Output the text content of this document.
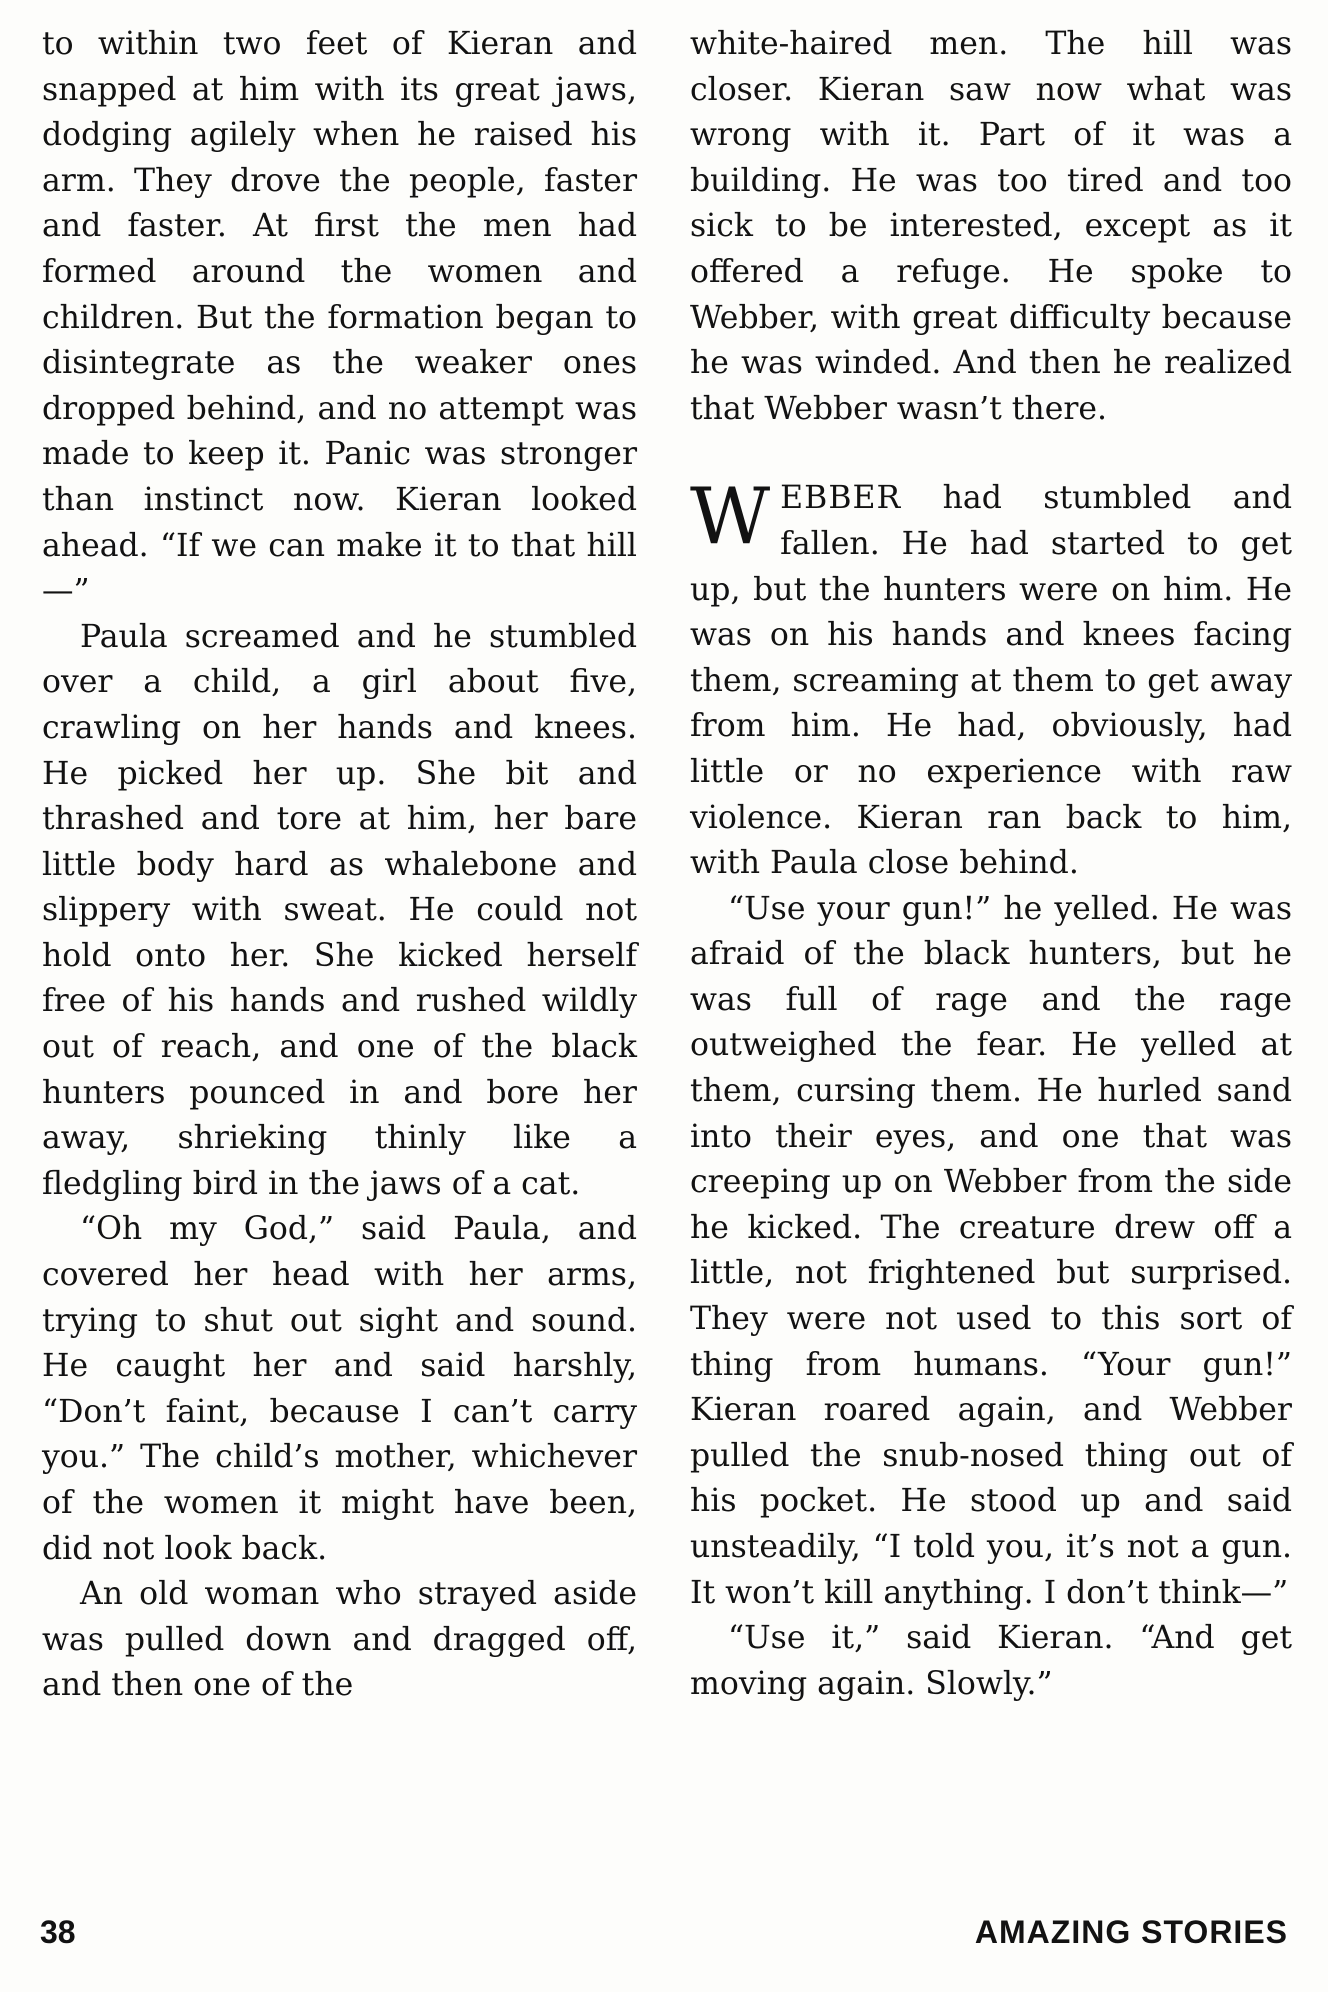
to within two feet of Kieran and snapped at him with its great jaws, dodging agilely when he raised his arm. They drove the people, faster and faster. At first the men had formed around the women and children. But the formation began to disintegrate as the weaker ones dropped behind, and no attempt was made to keep it. Panic was stronger than instinct now. Kieran looked ahead. “If we can make it to that hill—”

Paula screamed and he stumbled over a child, a girl about five, crawling on her hands and knees. He picked her up. She bit and thrashed and tore at him, her bare little body hard as whalebone and slippery with sweat. He could not hold onto her. She kicked herself free of his hands and rushed wildly out of reach, and one of the black hunters pounced in and bore her away, shrieking thinly like a fledgling bird in the jaws of a cat.

“Oh my God,” said Paula, and covered her head with her arms, trying to shut out sight and sound. He caught her and said harshly, “Don’t faint, because I can’t carry you.” The child’s mother, whichever of the women it might have been, did not look back.

An old woman who strayed aside was pulled down and dragged off, and then one of the

white-haired men. The hill was closer. Kieran saw now what was wrong with it. Part of it was a building. He was too tired and too sick to be interested, except as it offered a refuge. He spoke to Webber, with great difficulty because he was winded. And then he realized that Webber wasn’t there.

WEBBER had stumbled and fallen. He had started to get up, but the hunters were on him. He was on his hands and knees facing them, screaming at them to get away from him. He had, obviously, had little or no experience with raw violence. Kieran ran back to him, with Paula close behind.

“Use your gun!” he yelled. He was afraid of the black hunters, but he was full of rage and the rage outweighed the fear. He yelled at them, cursing them. He hurled sand into their eyes, and one that was creeping up on Webber from the side he kicked. The creature drew off a little, not frightened but surprised. They were not used to this sort of thing from humans. “Your gun!” Kieran roared again, and Webber pulled the snub-nosed thing out of his pocket. He stood up and said unsteadily, “I told you, it’s not a gun. It won’t kill anything. I don’t think—”

“Use it,” said Kieran. “And get moving again. Slowly.”

38	AMAZING STORIES
